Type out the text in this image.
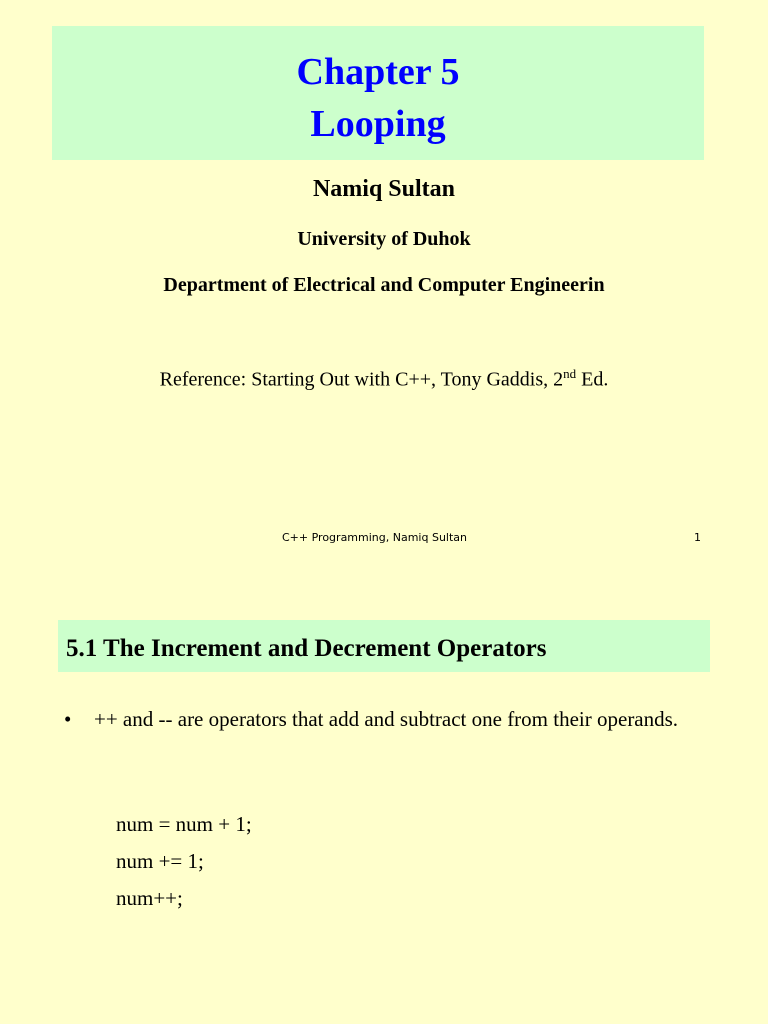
Chapter 5
Looping
Namiq Sultan
University of Duhok
Department of Electrical and Computer Engineerin
Reference: Starting Out with C++, Tony Gaddis, 2nd Ed.
C++ Programming, Namiq Sultan	1
5.1 The Increment and Decrement Operators
• ++ and -- are operators that add and subtract one from their operands.
num = num + 1;
num += 1;
num++;
